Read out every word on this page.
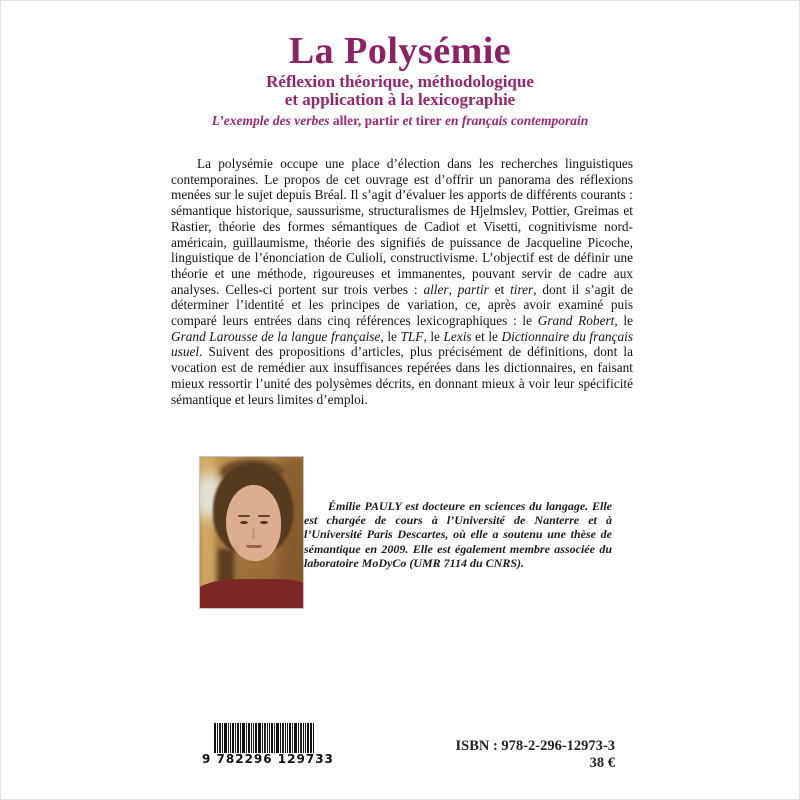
La Polysémie
Réflexion théorique, méthodologique
et application à la lexicographie
L’exemple des verbes aller, partir et tirer en français contemporain
La polysémie occupe une place d’élection dans les recherches linguistiques contemporaines. Le propos de cet ouvrage est d’offrir un panorama des réflexions menées sur le sujet depuis Bréal. Il s’agit d’évaluer les apports de différents courants : sémantique historique, saussurisme, structuralismes de Hjelmslev, Pottier, Greimas et Rastier, théorie des formes sémantiques de Cadiot et Visetti, cognitivisme nord-américain, guillaumisme, théorie des signifiés de puissance de Jacqueline Picoche, linguistique de l’énonciation de Culioli, constructivisme. L’objectif est de définir une théorie et une méthode, rigoureuses et immanentes, pouvant servir de cadre aux analyses. Celles-ci portent sur trois verbes : aller, partir et tirer, dont il s’agit de déterminer l’identité et les principes de variation, ce, après avoir examiné puis comparé leurs entrées dans cinq références lexicographiques : le Grand Robert, le Grand Larousse de la langue française, le TLF, le Lexis et le Dictionnaire du français usuel. Suivent des propositions d’articles, plus précisément de définitions, dont la vocation est de remédier aux insuffisances repérées dans les dictionnaires, en faisant mieux ressortir l’unité des polysèmes décrits, en donnant mieux à voir leur spécificité sémantique et leurs limites d’emploi.
Émilie PAULY est docteure en sciences du langage. Elle est chargée de cours à l’Université de Nanterre et à l’Université Paris Descartes, où elle a soutenu une thèse de sémantique en 2009. Elle est également membre associée du laboratoire MoDyCo (UMR 7114 du CNRS).
9 782296 129733
ISBN : 978-2-296-12973-3
38 €
